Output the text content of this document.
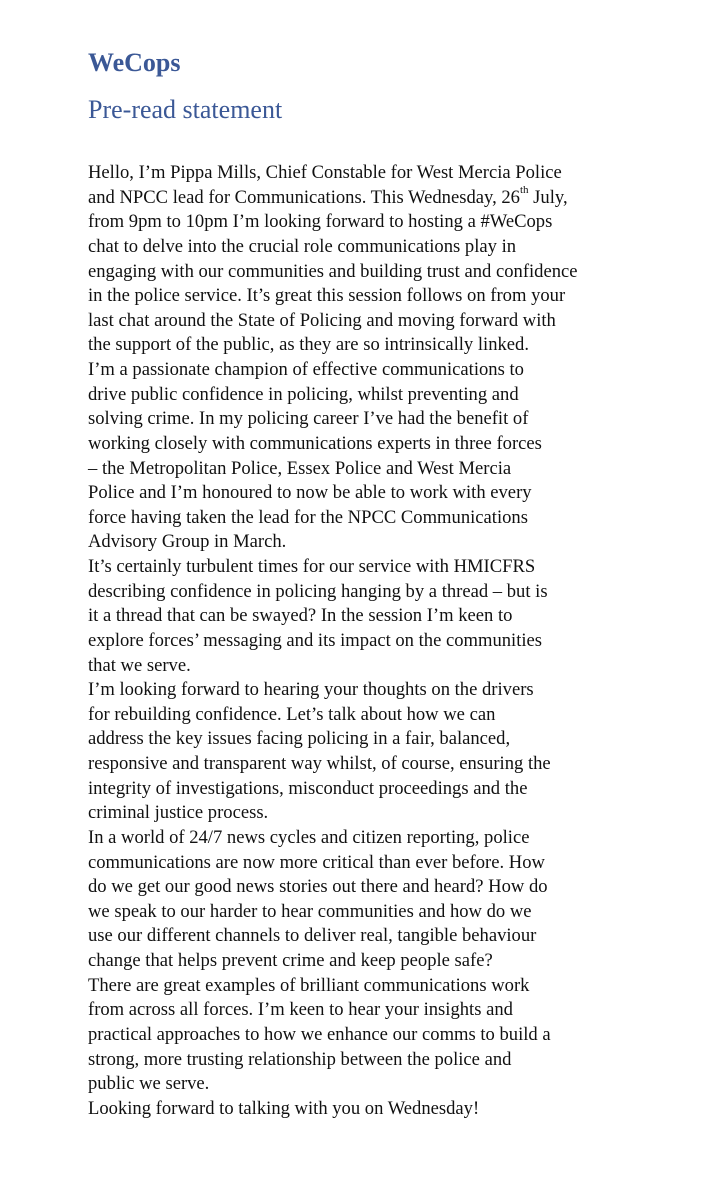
WeCops
Pre-read statement

Hello, I’m Pippa Mills, Chief Constable for West Mercia Police
and NPCC lead for Communications. This Wednesday, 26th July,
from 9pm to 10pm I’m looking forward to hosting a #WeCops
chat to delve into the crucial role communications play in
engaging with our communities and building trust and confidence
in the police service. It’s great this session follows on from your
last chat around the State of Policing and moving forward with
the support of the public, as they are so intrinsically linked.

I’m a passionate champion of effective communications to
drive public confidence in policing, whilst preventing and
solving crime. In my policing career I’ve had the benefit of
working closely with communications experts in three forces
– the Metropolitan Police, Essex Police and West Mercia
Police and I’m honoured to now be able to work with every
force having taken the lead for the NPCC Communications
Advisory Group in March.

It’s certainly turbulent times for our service with HMICFRS
describing confidence in policing hanging by a thread – but is
it a thread that can be swayed? In the session I’m keen to
explore forces’ messaging and its impact on the communities
that we serve.

I’m looking forward to hearing your thoughts on the drivers
for rebuilding confidence. Let’s talk about how we can
address the key issues facing policing in a fair, balanced,
responsive and transparent way whilst, of course, ensuring the
integrity of investigations, misconduct proceedings and the
criminal justice process.

In a world of 24/7 news cycles and citizen reporting, police
communications are now more critical than ever before. How
do we get our good news stories out there and heard? How do
we speak to our harder to hear communities and how do we
use our different channels to deliver real, tangible behaviour
change that helps prevent crime and keep people safe?

There are great examples of brilliant communications work
from across all forces. I’m keen to hear your insights and
practical approaches to how we enhance our comms to build a
strong, more trusting relationship between the police and
public we serve.

Looking forward to talking with you on Wednesday!
